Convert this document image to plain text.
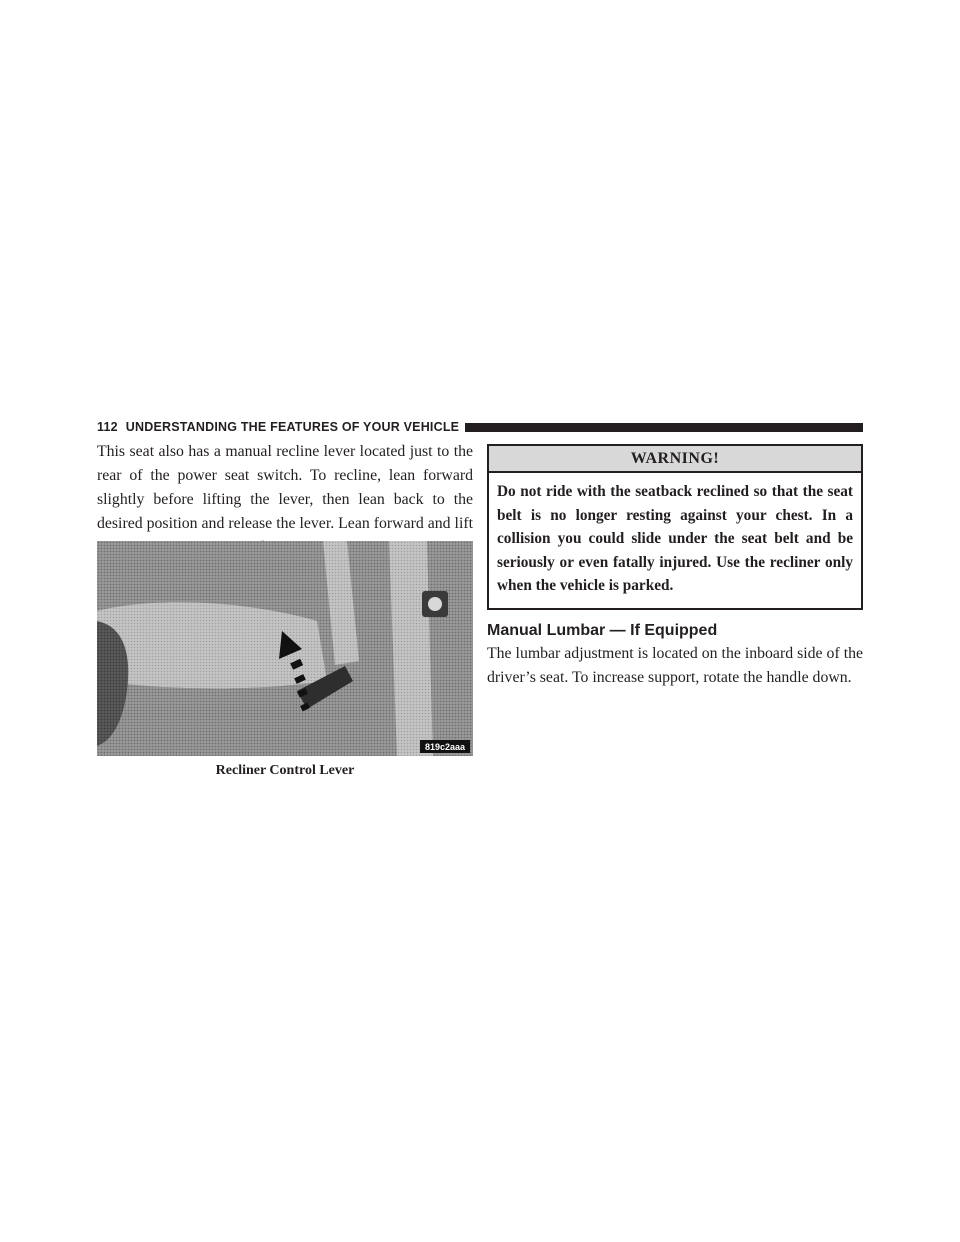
112 UNDERSTANDING THE FEATURES OF YOUR VEHICLE

This seat also has a manual recline lever located just to the rear of the power seat switch. To recline, lean forward slightly before lifting the lever, then lean back to the desired position and release the lever. Lean forward and lift

819c2aaa
Recliner Control Lever
WARNING!

Do not ride with the seatback reclined so that the seat belt is no longer resting against your chest. In a collision you could slide under the seat belt and be seriously or even fatally injured. Use the recliner only when the vehicle is parked.

Manual Lumbar — If Equipped

The lumbar adjustment is located on the inboard side of the driver’s seat. To increase support, rotate the handle down.
